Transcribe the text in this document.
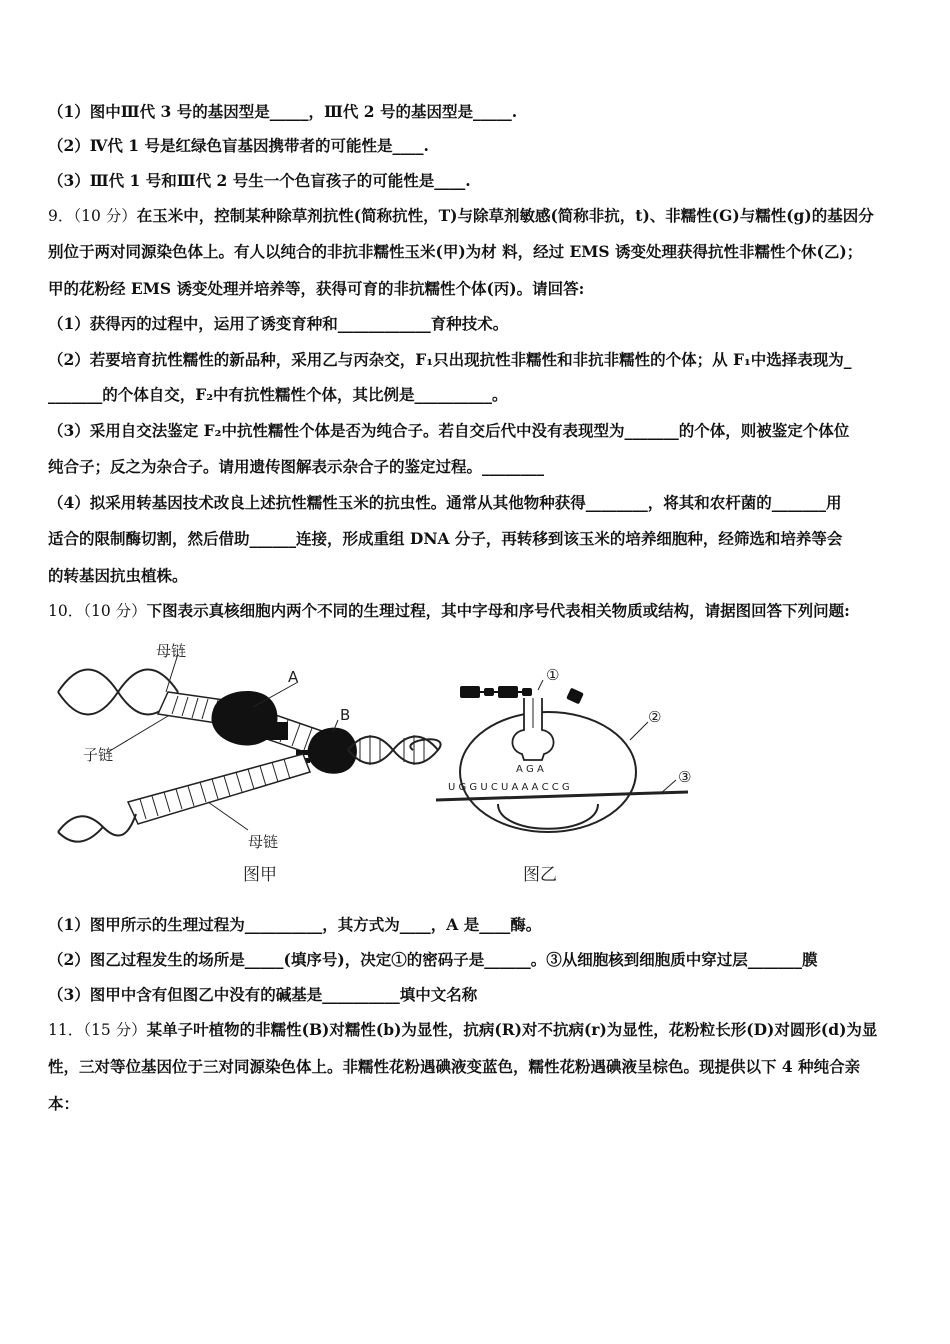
（1）图中Ⅲ代 3 号的基因型是_____，Ⅲ代 2 号的基因型是_____.
（2）Ⅳ代 1 号是红绿色盲基因携带者的可能性是____.
（3）Ⅲ代 1 号和Ⅲ代 2 号生一个色盲孩子的可能性是____.
9．（10 分）在玉米中，控制某种除草剂抗性(简称抗性，T)与除草剂敏感(简称非抗，t)、非糯性(G)与糯性(g)的基因分
别位于两对同源染色体上。有人以纯合的非抗非糯性玉米(甲)为材 料，经过 EMS 诱变处理获得抗性非糯性个休(乙)；
甲的花粉经 EMS 诱变处理并培养等，获得可育的非抗糯性个体(丙)。请回答:
（1）获得丙的过程中，运用了诱变育种和____________育种技术。
（2）若要培育抗性糯性的新品种，采用乙与丙杂交，F₁只出现抗性非糯性和非抗非糯性的个体；从 F₁中选择表现为_
_______的个体自交，F₂中有抗性糯性个体，其比例是__________。
（3）采用自交法鉴定 F₂中抗性糯性个体是否为纯合子。若自交后代中没有表现型为_______的个体，则被鉴定个体位
纯合子；反之为杂合子。请用遗传图解表示杂合子的鉴定过程。________
（4）拟采用转基因技术改良上述抗性糯性玉米的抗虫性。通常从其他物种获得________，将其和农杆菌的_______用
适合的限制酶切割，然后借助______连接，形成重组 DNA 分子，再转移到该玉米的培养细胞种，经筛选和培养等会
的转基因抗虫植株。
10．（10 分）下图表示真核细胞内两个不同的生理过程，其中字母和序号代表相关物质或结构，请据图回答下列问题:
母链
子链
A
B
母链
图甲
A G A
U G G U C U A A A C C G
①
②
③
图乙
（1）图甲所示的生理过程为__________，其方式为____，A 是____酶。
（2）图乙过程发生的场所是_____(填序号)，决定①的密码子是______。③从细胞核到细胞质中穿过层_______膜
（3）图甲中含有但图乙中没有的碱基是__________填中文名称
11．（15 分）某单子叶植物的非糯性(B)对糯性(b)为显性，抗病(R)对不抗病(r)为显性，花粉粒长形(D)对圆形(d)为显
性，三对等位基因位于三对同源染色体上。非糯性花粉遇碘液变蓝色，糯性花粉遇碘液呈棕色。现提供以下 4 种纯合亲
本：
